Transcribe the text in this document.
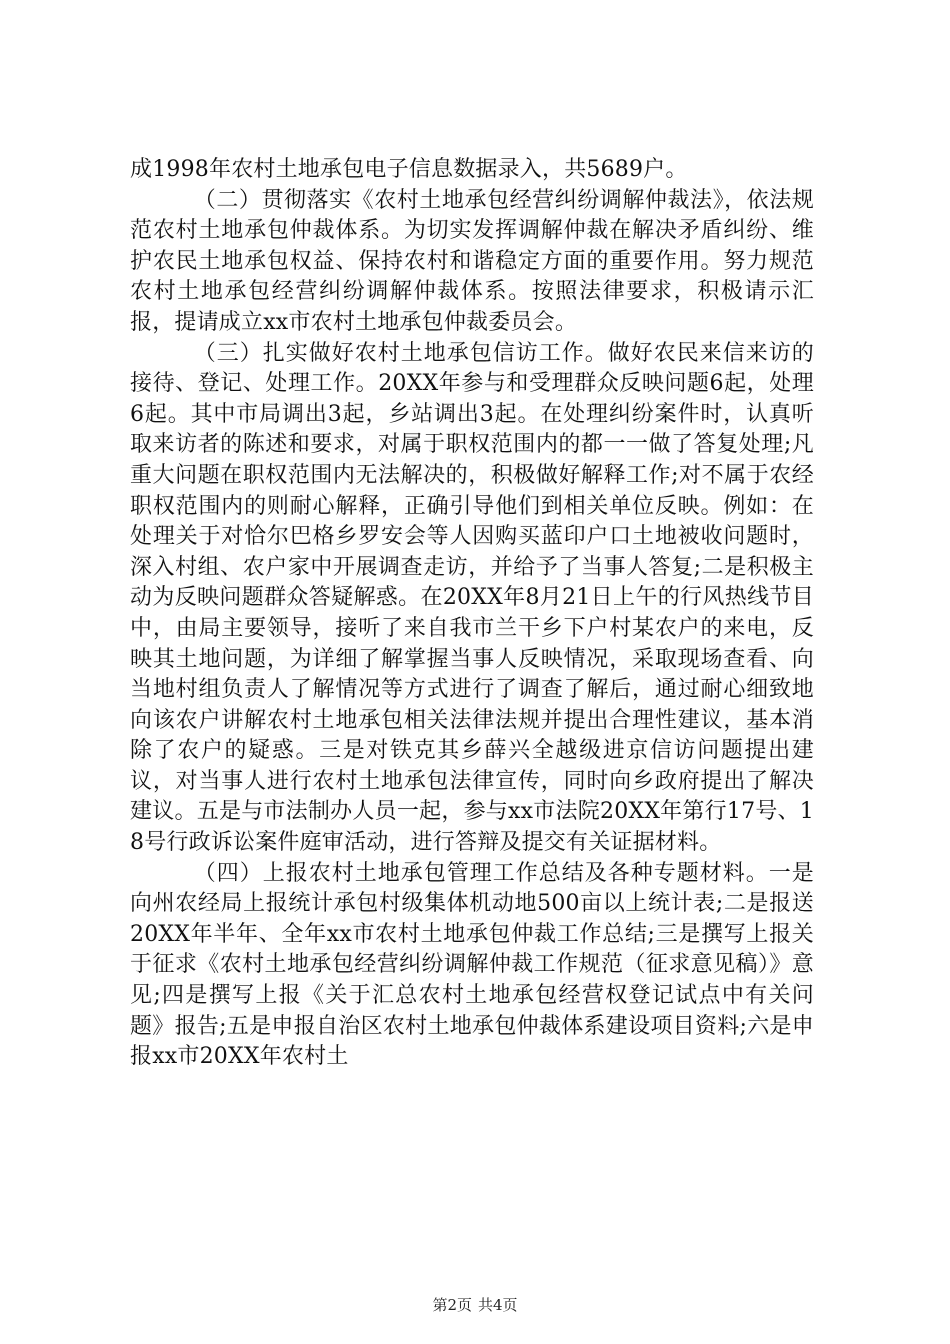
成1998年农村土地承包电子信息数据录入，共5689户。

（二）贯彻落实《农村土地承包经营纠纷调解仲裁法》，依法规范农村土地承包仲裁体系。为切实发挥调解仲裁在解决矛盾纠纷、维护农民土地承包权益、保持农村和谐稳定方面的重要作用。努力规范农村土地承包经营纠纷调解仲裁体系。按照法律要求，积极请示汇报，提请成立xx市农村土地承包仲裁委员会。

（三）扎实做好农村土地承包信访工作。做好农民来信来访的接待、登记、处理工作。20XX年参与和受理群众反映问题6起，处理6起。其中市局调出3起，乡站调出3起。在处理纠纷案件时，认真听取来访者的陈述和要求，对属于职权范围内的都一一做了答复处理;凡重大问题在职权范围内无法解决的，积极做好解释工作;对不属于农经职权范围内的则耐心解释，正确引导他们到相关单位反映。例如：在处理关于对恰尔巴格乡罗安会等人因购买蓝印户口土地被收问题时，深入村组、农户家中开展调查走访，并给予了当事人答复;二是积极主动为反映问题群众答疑解惑。在20XX年8月21日上午的行风热线节目中，由局主要领导，接听了来自我市兰干乡下户村某农户的来电，反映其土地问题，为详细了解掌握当事人反映情况，采取现场查看、向当地村组负责人了解情况等方式进行了调查了解后，通过耐心细致地向该农户讲解农村土地承包相关法律法规并提出合理性建议，基本消除了农户的疑惑。三是对铁克其乡薛兴全越级进京信访问题提出建议，对当事人进行农村土地承包法律宣传，同时向乡政府提出了解决建议。五是与市法制办人员一起，参与xx市法院20XX年第行17号、18号行政诉讼案件庭审活动，进行答辩及提交有关证据材料。

（四）上报农村土地承包管理工作总结及各种专题材料。一是向州农经局上报统计承包村级集体机动地500亩以上统计表;二是报送20XX年半年、全年xx市农村土地承包仲裁工作总结;三是撰写上报关于征求《农村土地承包经营纠纷调解仲裁工作规范（征求意见稿）》意见;四是撰写上报《关于汇总农村土地承包经营权登记试点中有关问题》报告;五是申报自治区农村土地承包仲裁体系建设项目资料;六是申报xx市20XX年农村土

第2页 共4页
